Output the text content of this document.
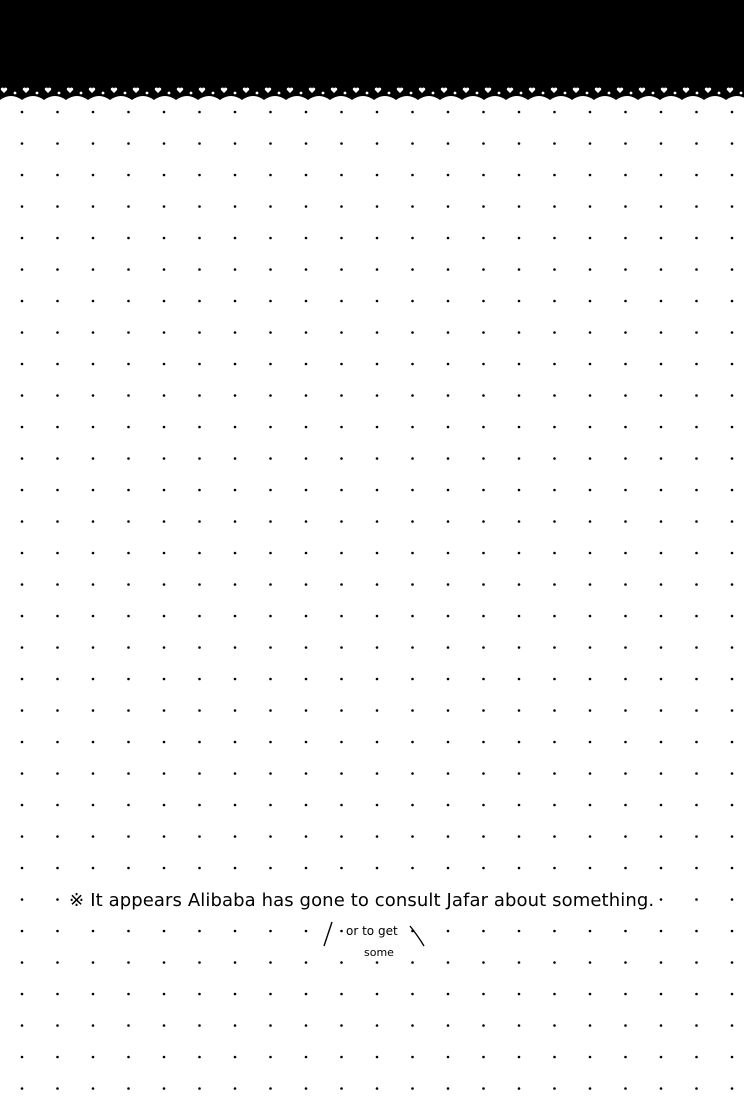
※ It appears Alibaba has gone to consult Jafar about something.
or to get
some
